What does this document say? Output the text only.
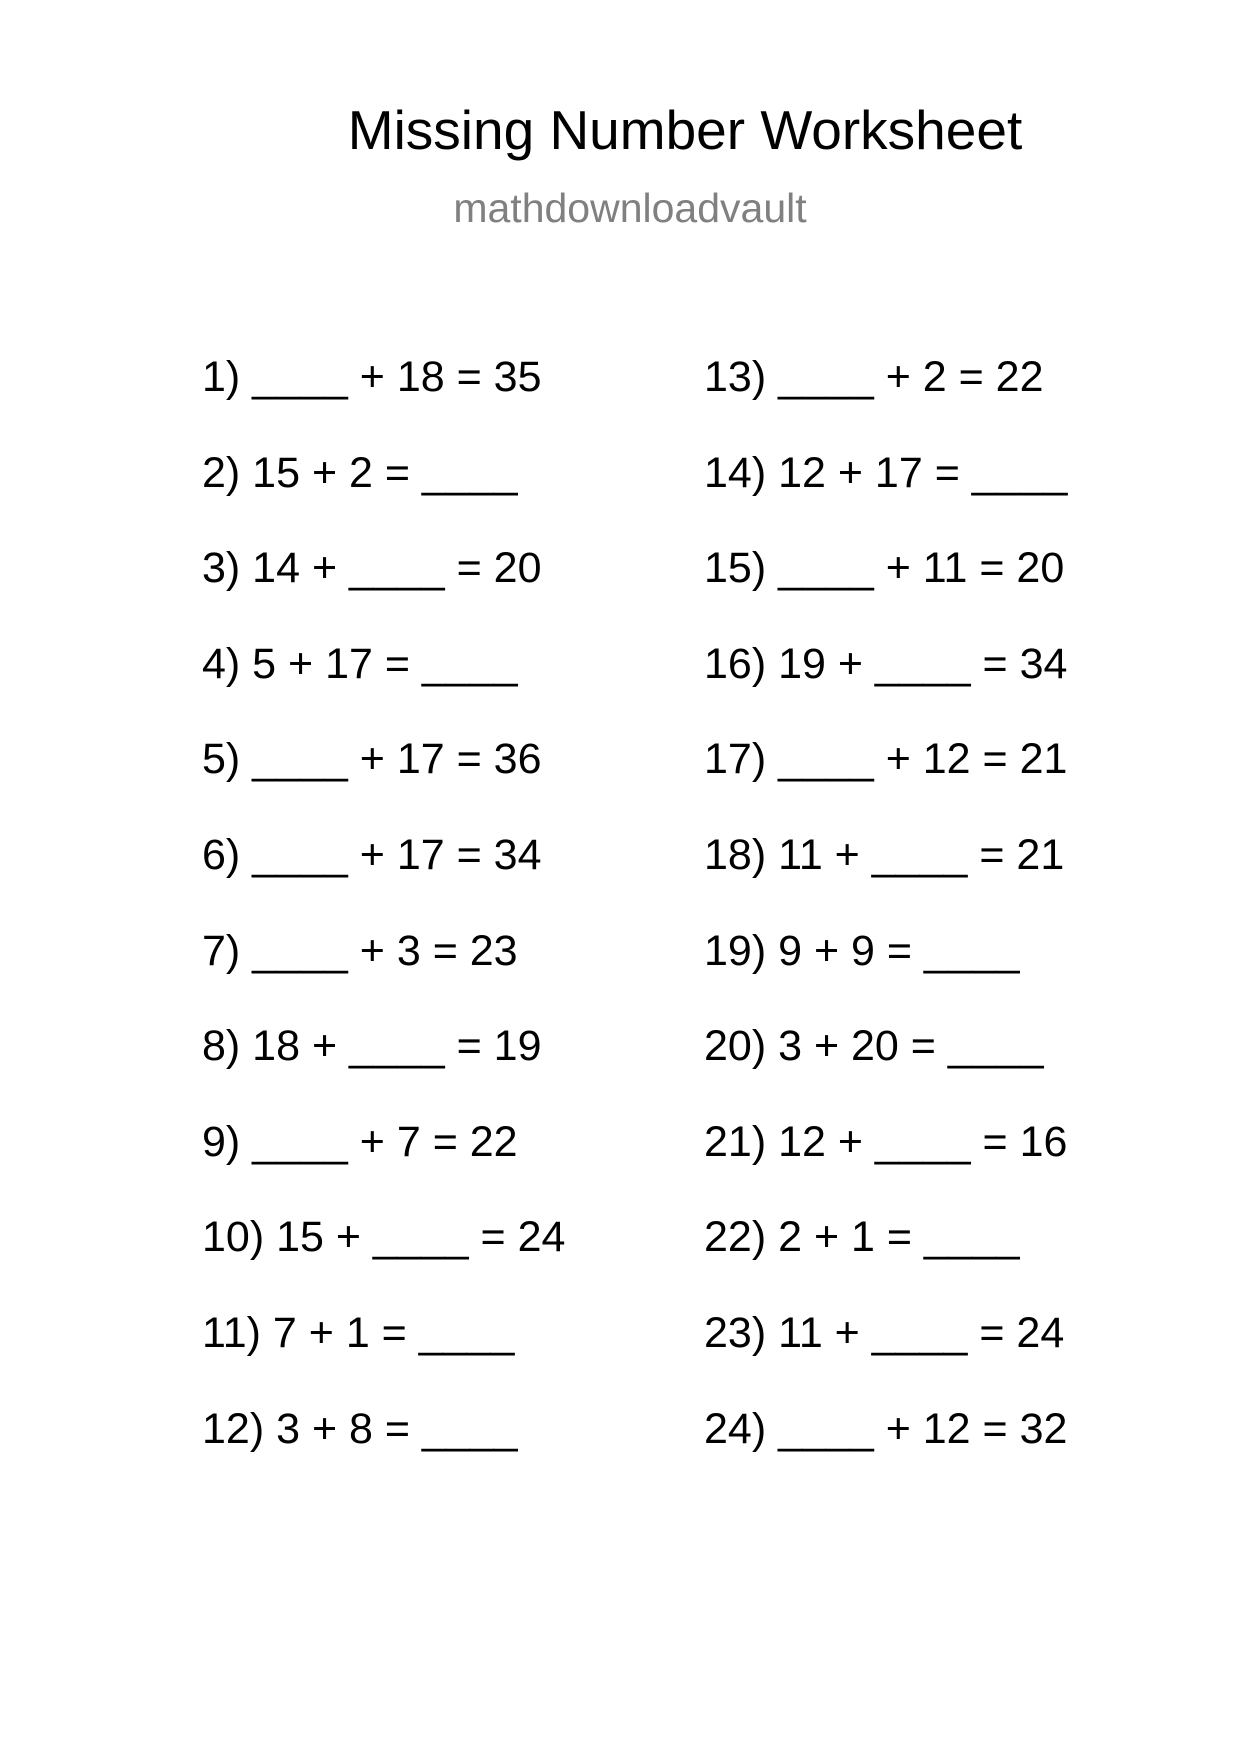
Missing Number Worksheet
mathdownloadvault
1) ____ + 18 = 35
2) 15 + 2 = ____
3) 14 + ____ = 20
4) 5 + 17 = ____
5) ____ + 17 = 36
6) ____ + 17 = 34
7) ____ + 3 = 23
8) 18 + ____ = 19
9) ____ + 7 = 22
10) 15 + ____ = 24
11) 7 + 1 = ____
12) 3 + 8 = ____
13) ____ + 2 = 22
14) 12 + 17 = ____
15) ____ + 11 = 20
16) 19 + ____ = 34
17) ____ + 12 = 21
18) 11 + ____ = 21
19) 9 + 9 = ____
20) 3 + 20 = ____
21) 12 + ____ = 16
22) 2 + 1 = ____
23) 11 + ____ = 24
24) ____ + 12 = 32
